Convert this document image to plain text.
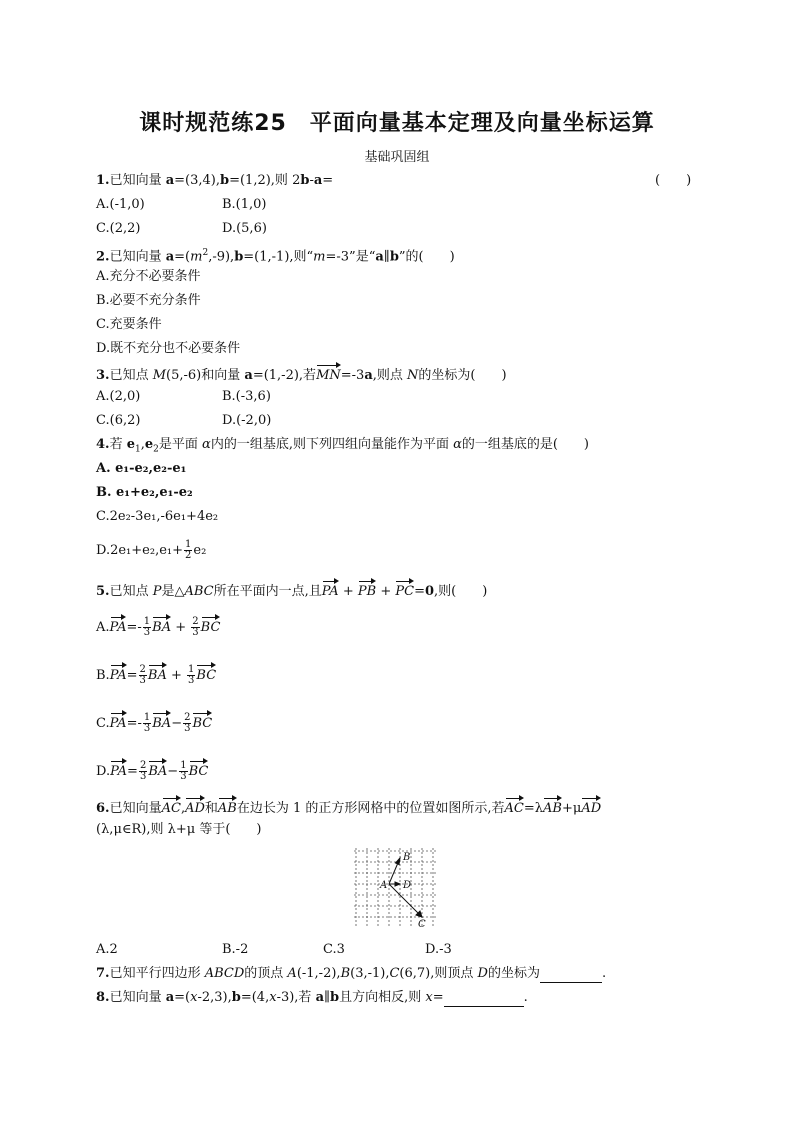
课时规范练25　平面向量基本定理及向量坐标运算
基础巩固组
1.已知向量 a=(3,4),b=(1,2),则 2b-a=	(　　)
A.(-1,0)	B.(1,0)
C.(2,2)	D.(5,6)
2.已知向量 $a=(m^2,-9),b=(1,-1)$,则“m=-3”是“a∥b”的(　　)
A.充分不必要条件
B.必要不充分条件
C.充要条件
D.既不充分也不必要条件
3.已知点 M(5,-6)和向量 a=(1,-2),若MN=-3a,则点 N的坐标为(　　)
A.(2,0)	B.(-3,6)
C.(6,2)	D.(-2,0)
4.若 $e_1,e_2$是平面 α内的一组基底,则下列四组向量能作为平面 α的一组基底的是(　　)
A. e₁-e₂,e₂-e₁
B. e₁+e₂,e₁-e₂
C.2e₂-3e₁,-6e₁+4e₂
$D.2e_1+e_2,e_1+ \frac{1}{2} e_2$
5.已知点 P是△ABC所在平面内一点,且PA + PB + PC=0,则(　　)
$A.PA=- \frac{1}{3}$ BA + $\frac{2}{3}$ BC
$B.PA= \frac{2}{3}$ BA + $\frac{1}{3}$ BC
$C.PA=- \frac{1}{3} BA- \frac{2}{3}$ BC
$D.PA= \frac{2}{3} BA- \frac{1}{3}$ BC
6.已知向量AC,AD和AB在边长为 1 的正方形网格中的位置如图所示,若AC=λAB+μAD
(λ,μ∈R),则 λ+μ 等于(　　)
A
B
D
C
A.2	B.-2	C.3	D.-3
7.已知平行四边形 ABCD的顶点 A(-1,-2),B(3,-1),C(6,7),则顶点 D的坐标为	.
8.已知向量 a=(x-2,3),b=(4,x-3),若 a∥b且方向相反,则 x=	.
